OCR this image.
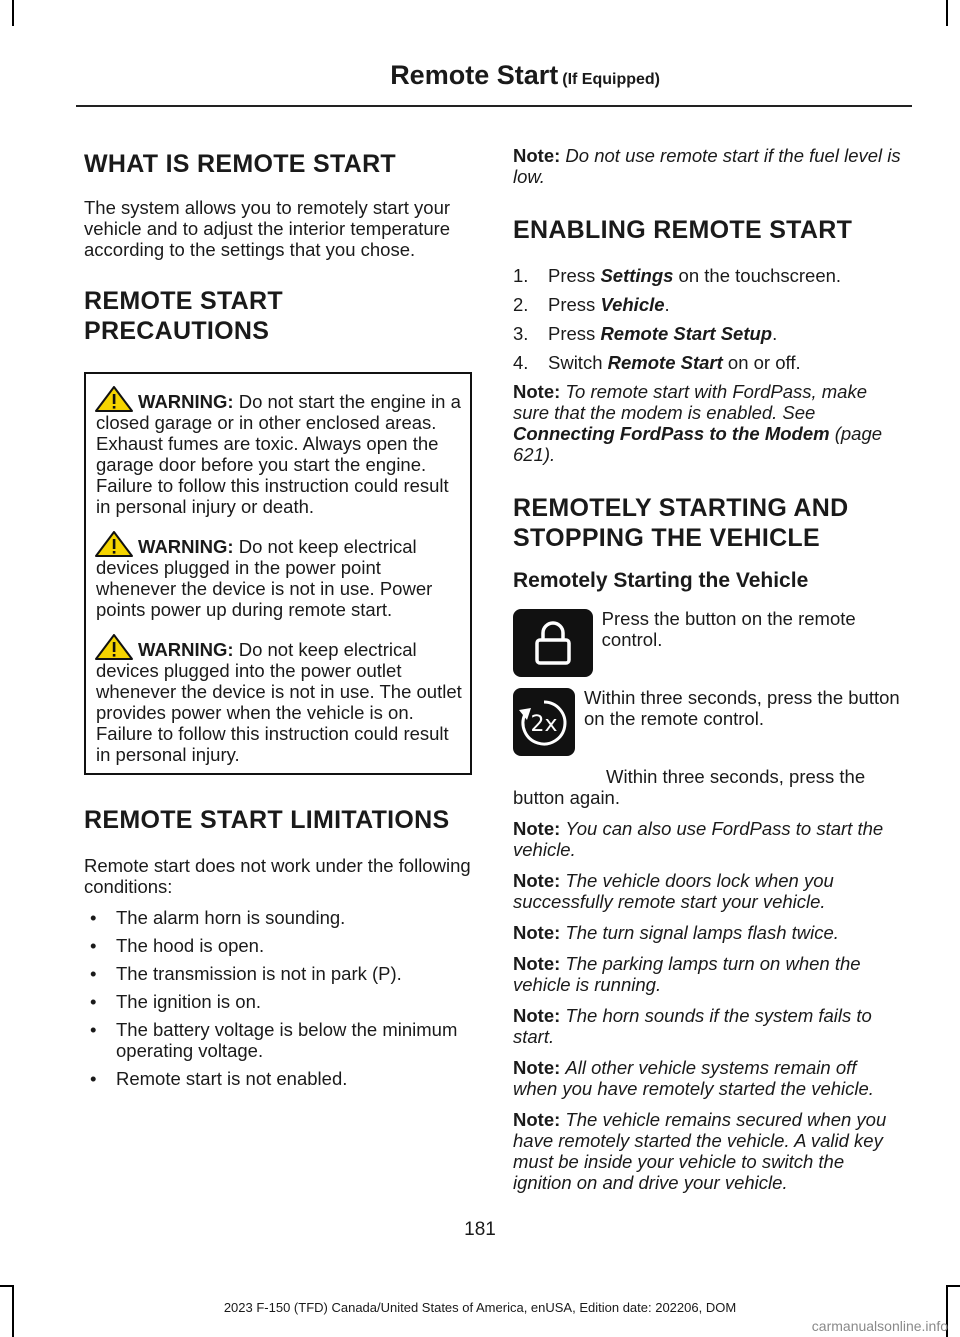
Remote Start (If Equipped)
WHAT IS REMOTE START

The system allows you to remotely start your vehicle and to adjust the interior temperature according to the settings that you chose.

REMOTE START
PRECAUTIONS
WARNING: Do not start the engine in a closed garage or in other enclosed areas. Exhaust fumes are toxic. Always open the garage door before you start the engine. Failure to follow this instruction could result in personal injury or death.
WARNING: Do not keep electrical devices plugged in the power point whenever the device is not in use. Power points power up during remote start.
WARNING: Do not keep electrical devices plugged into the power outlet whenever the device is not in use. The outlet provides power when the vehicle is on. Failure to follow this instruction could result in personal injury.
REMOTE START LIMITATIONS

Remote start does not work under the following conditions:

• The alarm horn is sounding.
• The hood is open.
• The transmission is not in park (P).
• The ignition is on.
• The battery voltage is below the minimum operating voltage.
• Remote start is not enabled.

Note: Do not use remote start if the fuel level is low.

ENABLING REMOTE START
1.	Press Settings on the touchscreen.
2.	Press Vehicle.
3.	Press Remote Start Setup.
4.	Switch Remote Start on or off.

Note: To remote start with FordPass, make sure that the modem is enabled. See Connecting FordPass to the Modem (page 621).

REMOTELY STARTING AND
STOPPING THE VEHICLE
Remotely Starting the Vehicle

Press the button on the remote control.

2x

Within three seconds, press the button on the remote control.

Within three seconds, press the button again.

Note: You can also use FordPass to start the vehicle.

Note: The vehicle doors lock when you successfully remote start your vehicle.

Note: The turn signal lamps flash twice.

Note: The parking lamps turn on when the vehicle is running.

Note: The horn sounds if the system fails to start.

Note: All other vehicle systems remain off when you have remotely started the vehicle.

Note: The vehicle remains secured when you have remotely started the vehicle. A valid key must be inside your vehicle to switch the ignition on and drive your vehicle.

181
2023 F-150 (TFD) Canada/United States of America, enUSA, Edition date: 202206, DOM
carmanualsonline.info
